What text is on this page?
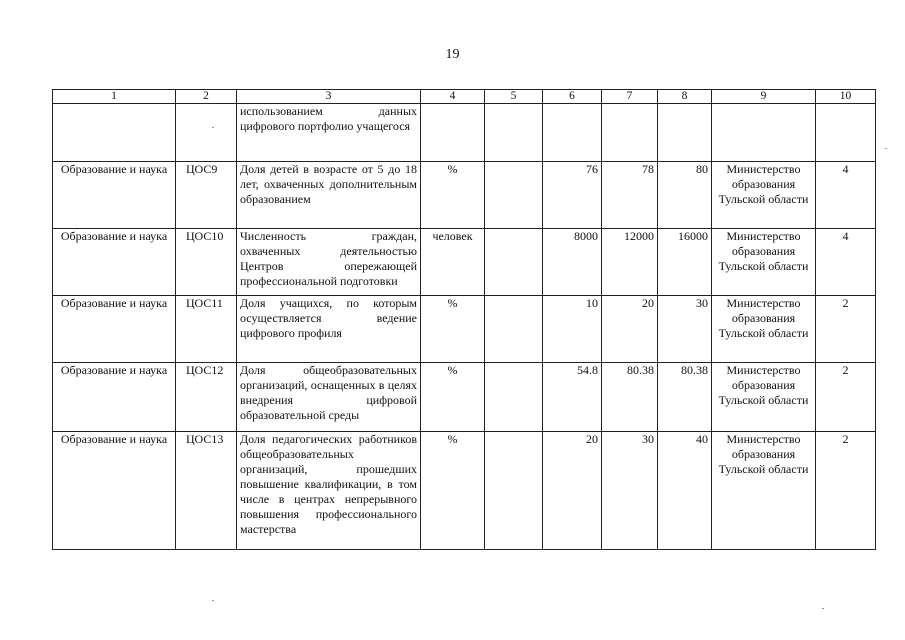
19
1	2	3	4	5	6	7	8	9	10
		использованием данных цифрового портфолио учащегося							
Образование и наука	ЦОС9	Доля детей в возрасте от 5 до 18 лет, охваченных дополнительным образованием	%		76	78	80	Министерство образования Тульской области	4
Образование и наука	ЦОС10	Численность граждан, охваченных деятельностью Центров опережающей профессиональной подготовки	человек		8000	12000	16000	Министерство образования Тульской области	4
Образование и наука	ЦОС11	Доля учащихся, по которым осуществляется ведение цифрового профиля	%		10	20	30	Министерство образования Тульской области	2
Образование и наука	ЦОС12	Доля общеобразовательных организаций, оснащенных в целях внедрения цифровой образовательной среды	%		54.8	80.38	80.38	Министерство образования Тульской области	2
Образование и наука	ЦОС13	Доля педагогических работников общеобразовательных организаций, прошедших повышение квалификации, в том числе в центрах непрерывного повышения профессионального мастерства	%		20	30	40	Министерство образования Тульской области	2
